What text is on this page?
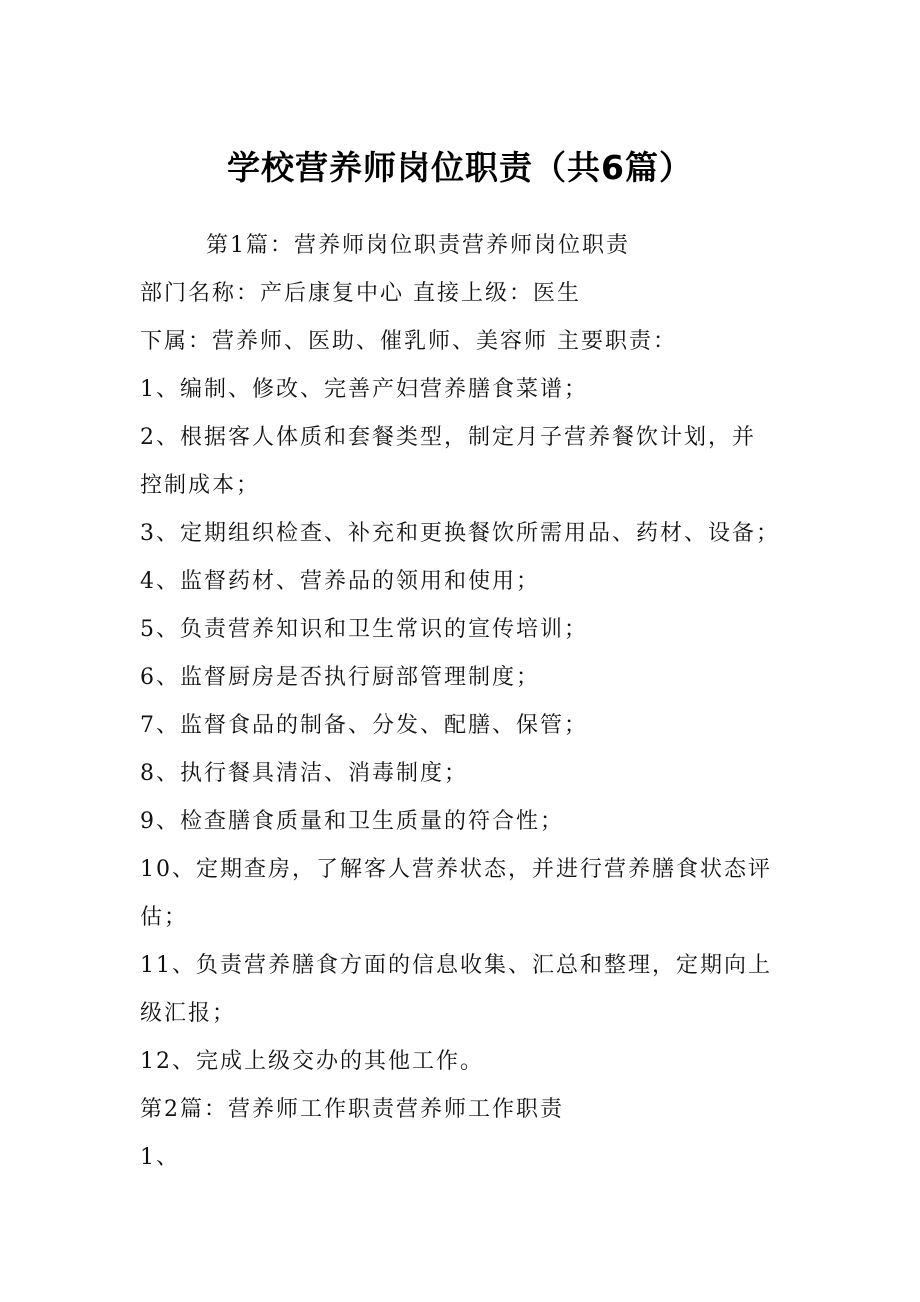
学校营养师岗位职责（共6篇）
第1篇：营养师岗位职责营养师岗位职责
部门名称：产后康复中心 直接上级：医生
下属：营养师、医助、催乳师、美容师 主要职责：
1、编制、修改、完善产妇营养膳食菜谱；
2、根据客人体质和套餐类型，制定月子营养餐饮计划，并
控制成本；
3、定期组织检查、补充和更换餐饮所需用品、药材、设备；
4、监督药材、营养品的领用和使用；
5、负责营养知识和卫生常识的宣传培训；
6、监督厨房是否执行厨部管理制度；
7、监督食品的制备、分发、配膳、保管；
8、执行餐具清洁、消毒制度；
9、检查膳食质量和卫生质量的符合性；
10、定期查房，了解客人营养状态，并进行营养膳食状态评
估；
11、负责营养膳食方面的信息收集、汇总和整理，定期向上
级汇报；
12、完成上级交办的其他工作。
第2篇：营养师工作职责营养师工作职责
1、
